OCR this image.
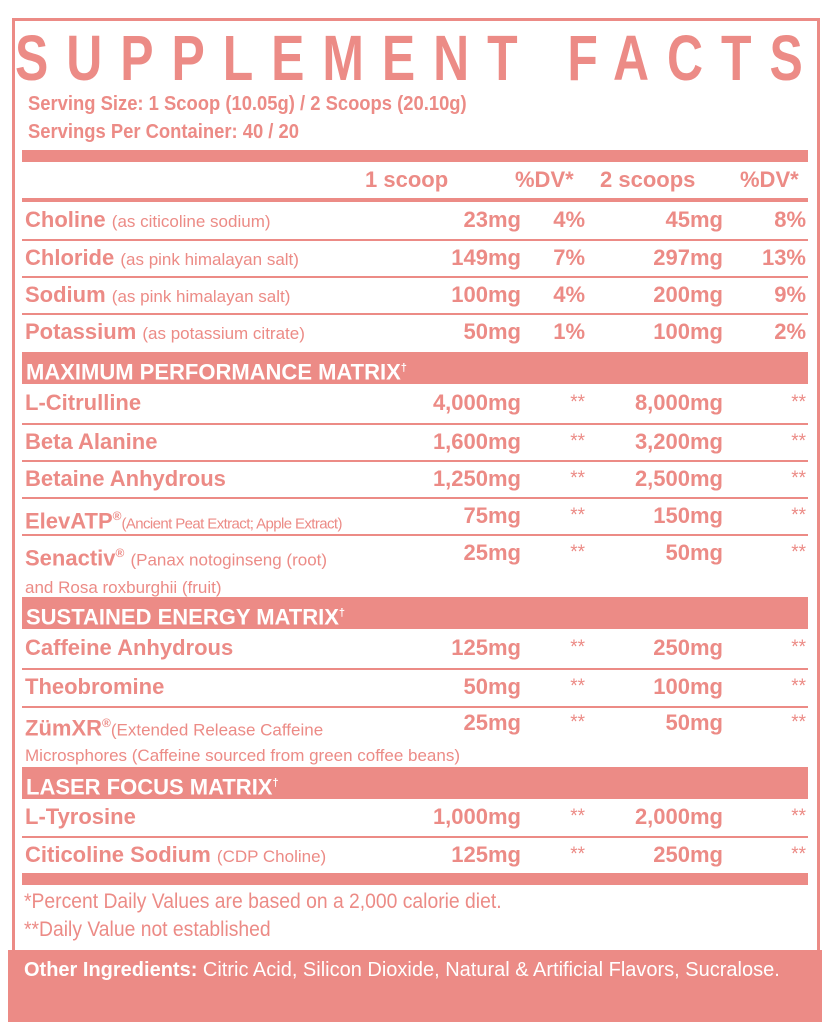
SUPPLEMENT FACTS
Serving Size: 1 Scoop (10.05g) / 2 Scoops (20.10g)
Servings Per Container: 40 / 20
1 scoop	%DV* 2 scoops %DV*
Choline (as citicoline sodium)	23mg 4%	45mg 8%
Chloride (as pink himalayan salt)	149mg 7%	297mg 13%
Sodium (as pink himalayan salt)	100mg 4%	200mg 9%
Potassium (as potassium citrate)	50mg 1%	100mg 2%
MAXIMUM PERFORMANCE MATRIX†
L-Citrulline	4,000mg	** 8,000mg	**
Beta Alanine	1,600mg	** 3,200mg	**
Betaine Anhydrous	1,250mg	** 2,500mg	**
ElevATP®(Ancient Peat Extract; Apple Extract)	75mg	**	150mg	**
Senactiv® (Panax notoginseng (root)
and Rosa roxburghii (fruit)
25mg	**	50mg	**
SUSTAINED ENERGY MATRIX†
Caffeine Anhydrous	125mg	**	250mg	**
Theobromine	50mg	**	100mg	**
ZümXR®(Extended Release Caffeine
Microsphores (Caffeine sourced from green coffee beans)
25mg	**	50mg	**
LASER FOCUS MATRIX†
L-Tyrosine	1,000mg	** 2,000mg	**
Citicoline Sodium (CDP Choline)	125mg	**	250mg	**
*Percent Daily Values are based on a 2,000 calorie diet.
**Daily Value not established
Other Ingredients: Citric Acid, Silicon Dioxide, Natural & Artificial Flavors, Sucralose.
